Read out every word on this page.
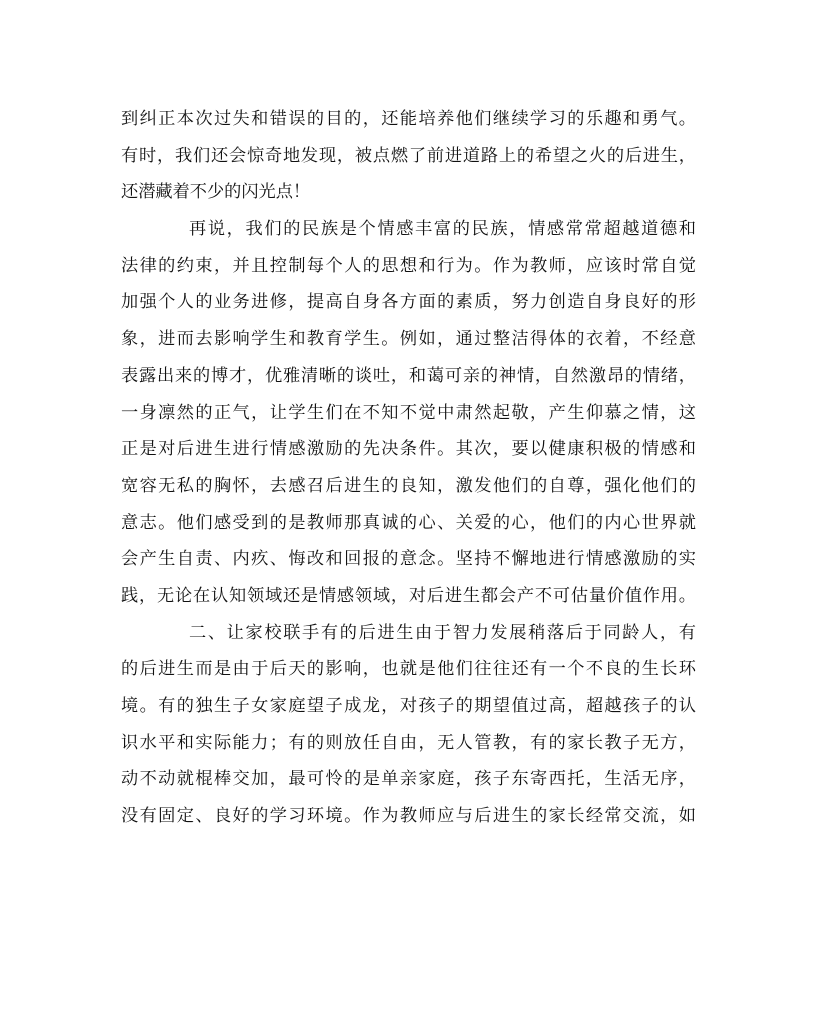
到纠正本次过失和错误的目的，还能培养他们继续学习的乐趣和勇气。
有时，我们还会惊奇地发现，被点燃了前进道路上的希望之火的后进生，
还潜藏着不少的闪光点！
再说，我们的民族是个情感丰富的民族，情感常常超越道德和
法律的约束，并且控制每个人的思想和行为。作为教师，应该时常自觉
加强个人的业务进修，提高自身各方面的素质，努力创造自身良好的形
象，进而去影响学生和教育学生。例如，通过整洁得体的衣着，不经意
表露出来的博才，优雅清晰的谈吐，和蔼可亲的神情，自然激昂的情绪，
一身凛然的正气，让学生们在不知不觉中肃然起敬，产生仰慕之情，这
正是对后进生进行情感激励的先决条件。其次，要以健康积极的情感和
宽容无私的胸怀，去感召后进生的良知，激发他们的自尊，强化他们的
意志。他们感受到的是教师那真诚的心、关爱的心，他们的内心世界就
会产生自责、内疚、悔改和回报的意念。坚持不懈地进行情感激励的实
践，无论在认知领域还是情感领域，对后进生都会产不可估量价值作用。
二、让家校联手有的后进生由于智力发展稍落后于同龄人，有
的后进生而是由于后天的影响，也就是他们往往还有一个不良的生长环
境。有的独生子女家庭望子成龙，对孩子的期望值过高，超越孩子的认
识水平和实际能力；有的则放任自由，无人管教，有的家长教子无方，
动不动就棍棒交加，最可怜的是单亲家庭，孩子东寄西托，生活无序，
没有固定、良好的学习环境。作为教师应与后进生的家长经常交流，如
